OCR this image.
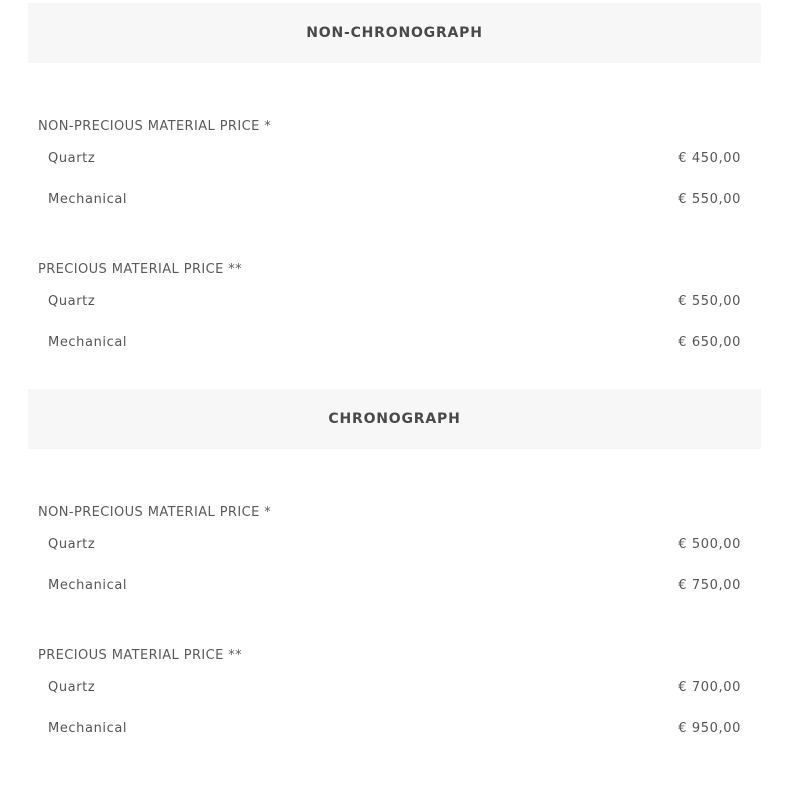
NON-CHRONOGRAPH
NON-PRECIOUS MATERIAL PRICE *
Quartz	€ 450,00
Mechanical	€ 550,00
PRECIOUS MATERIAL PRICE **
Quartz	€ 550,00
Mechanical	€ 650,00
CHRONOGRAPH
NON-PRECIOUS MATERIAL PRICE *
Quartz	€ 500,00
Mechanical	€ 750,00
PRECIOUS MATERIAL PRICE **
Quartz	€ 700,00
Mechanical	€ 950,00
